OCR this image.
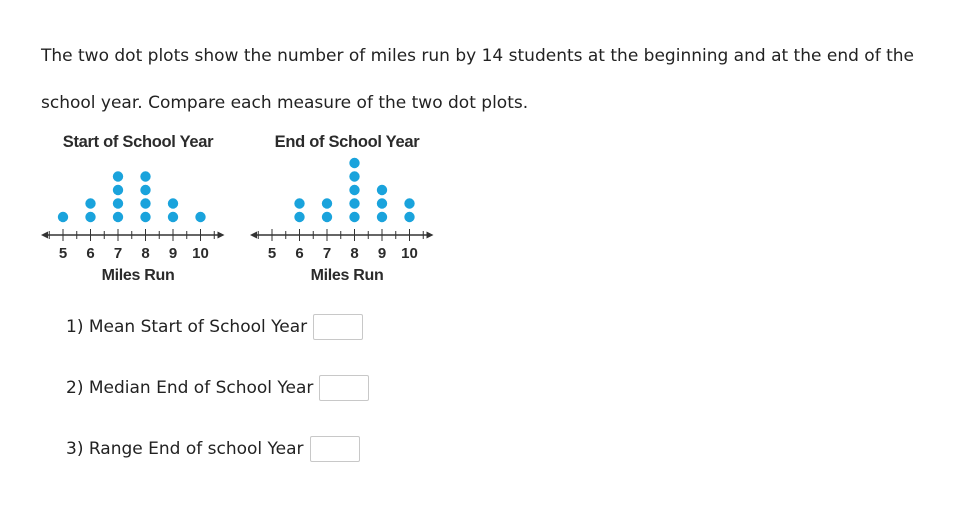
The two dot plots show the number of miles run by 14 students at the beginning and at the end of the
school year. Compare each measure of the two dot plots.
Start of School Year
5 6 7 8 9 10
Miles Run
End of School Year
5 6 7 8 9 10
Miles Run
1) Mean Start of School Year
2) Median End of School Year
3) Range End of school Year
